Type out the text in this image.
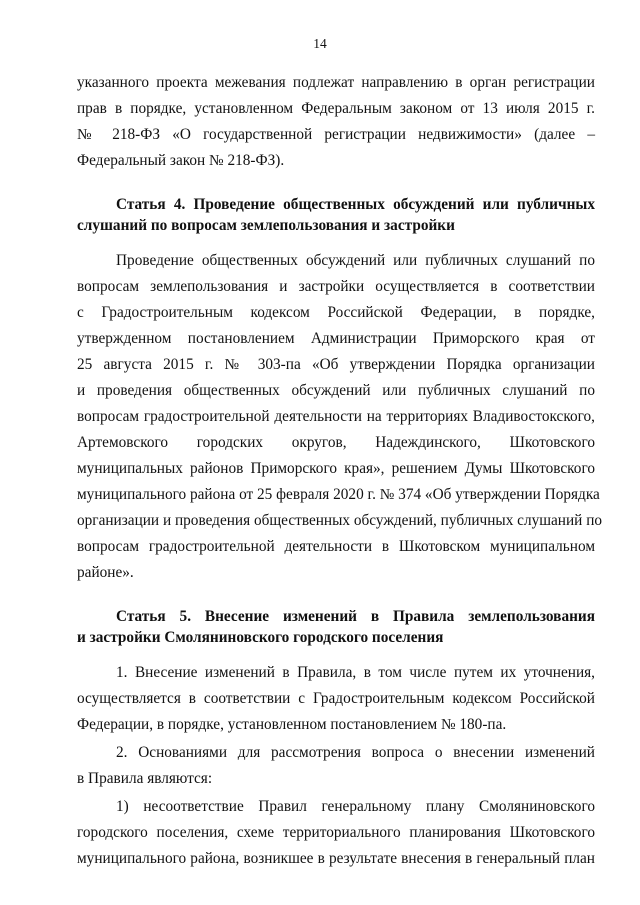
14
указанного проекта межевания подлежат направлению в орган регистрации
прав в порядке, установленном Федеральным законом от 13 июля 2015 г.
№ 218-ФЗ «О государственной регистрации недвижимости» (далее –
Федеральный закон № 218-ФЗ).
Статья 4. Проведение общественных обсуждений или публичных
слушаний по вопросам землепользования и застройки
Проведение общественных обсуждений или публичных слушаний по
вопросам землепользования и застройки осуществляется в соответствии
с Градостроительным кодексом Российской Федерации, в порядке,
утвержденном постановлением Администрации Приморского края от
25 августа 2015 г. № 303-па «Об утверждении Порядка организации
и проведения общественных обсуждений или публичных слушаний по
вопросам градостроительной деятельности на территориях Владивостокского,
Артемовского городских округов, Надеждинского, Шкотовского
муниципальных районов Приморского края», решением Думы Шкотовского
муниципального района от 25 февраля 2020 г. № 374 «Об утверждении Порядка
организации и проведения общественных обсуждений, публичных слушаний по
вопросам градостроительной деятельности в Шкотовском муниципальном
районе».
Статья 5. Внесение изменений в Правила землепользования
и застройки Смоляниновского городского поселения
1. Внесение изменений в Правила, в том числе путем их уточнения,
осуществляется в соответствии с Градостроительным кодексом Российской
Федерации, в порядке, установленном постановлением № 180-па.
2. Основаниями для рассмотрения вопроса о внесении изменений
в Правила являются:
1) несоответствие Правил генеральному плану Смоляниновского
городского поселения, схеме территориального планирования Шкотовского
муниципального района, возникшее в результате внесения в генеральный план
